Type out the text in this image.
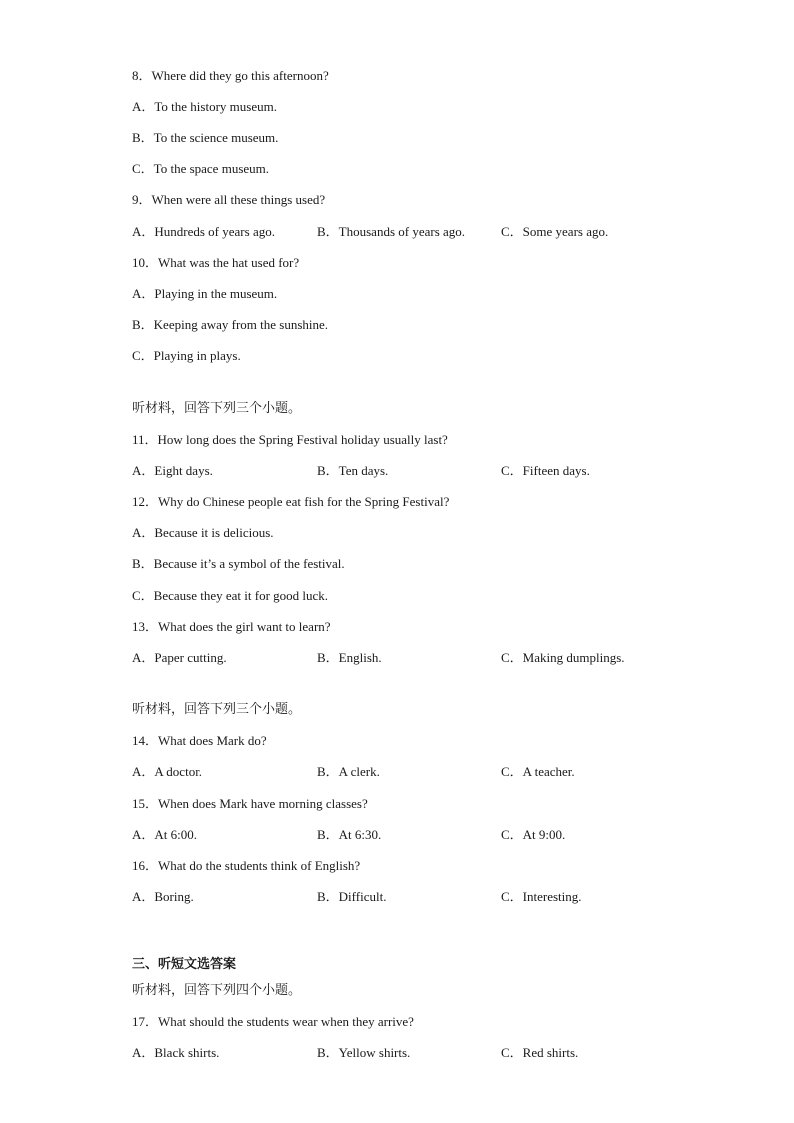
8．Where did they go this afternoon?
A．To the history museum.
B．To the science museum.
C．To the space museum.
9．When were all these things used?
A．Hundreds of years ago.	B．Thousands of years ago.	C．Some years ago.
10．What was the hat used for?
A．Playing in the museum.
B．Keeping away from the sunshine.
C．Playing in plays.
听材料，回答下列三个小题。
11．How long does the Spring Festival holiday usually last?
A．Eight days.	B．Ten days.	C．Fifteen days.
12．Why do Chinese people eat fish for the Spring Festival?
A．Because it is delicious.
B．Because it’s a symbol of the festival.
C．Because they eat it for good luck.
13．What does the girl want to learn?
A．Paper cutting.	B．English.	C．Making dumplings.
听材料，回答下列三个小题。
14．What does Mark do?
A．A doctor.	B．A clerk.	C．A teacher.
15．When does Mark have morning classes?
A．At 6:00.	B．At 6:30.	C．At 9:00.
16．What do the students think of English?
A．Boring.	B．Difficult.	C．Interesting.
三、听短文选答案
听材料，回答下列四个小题。
17．What should the students wear when they arrive?
A．Black shirts.	B．Yellow shirts.	C．Red shirts.
